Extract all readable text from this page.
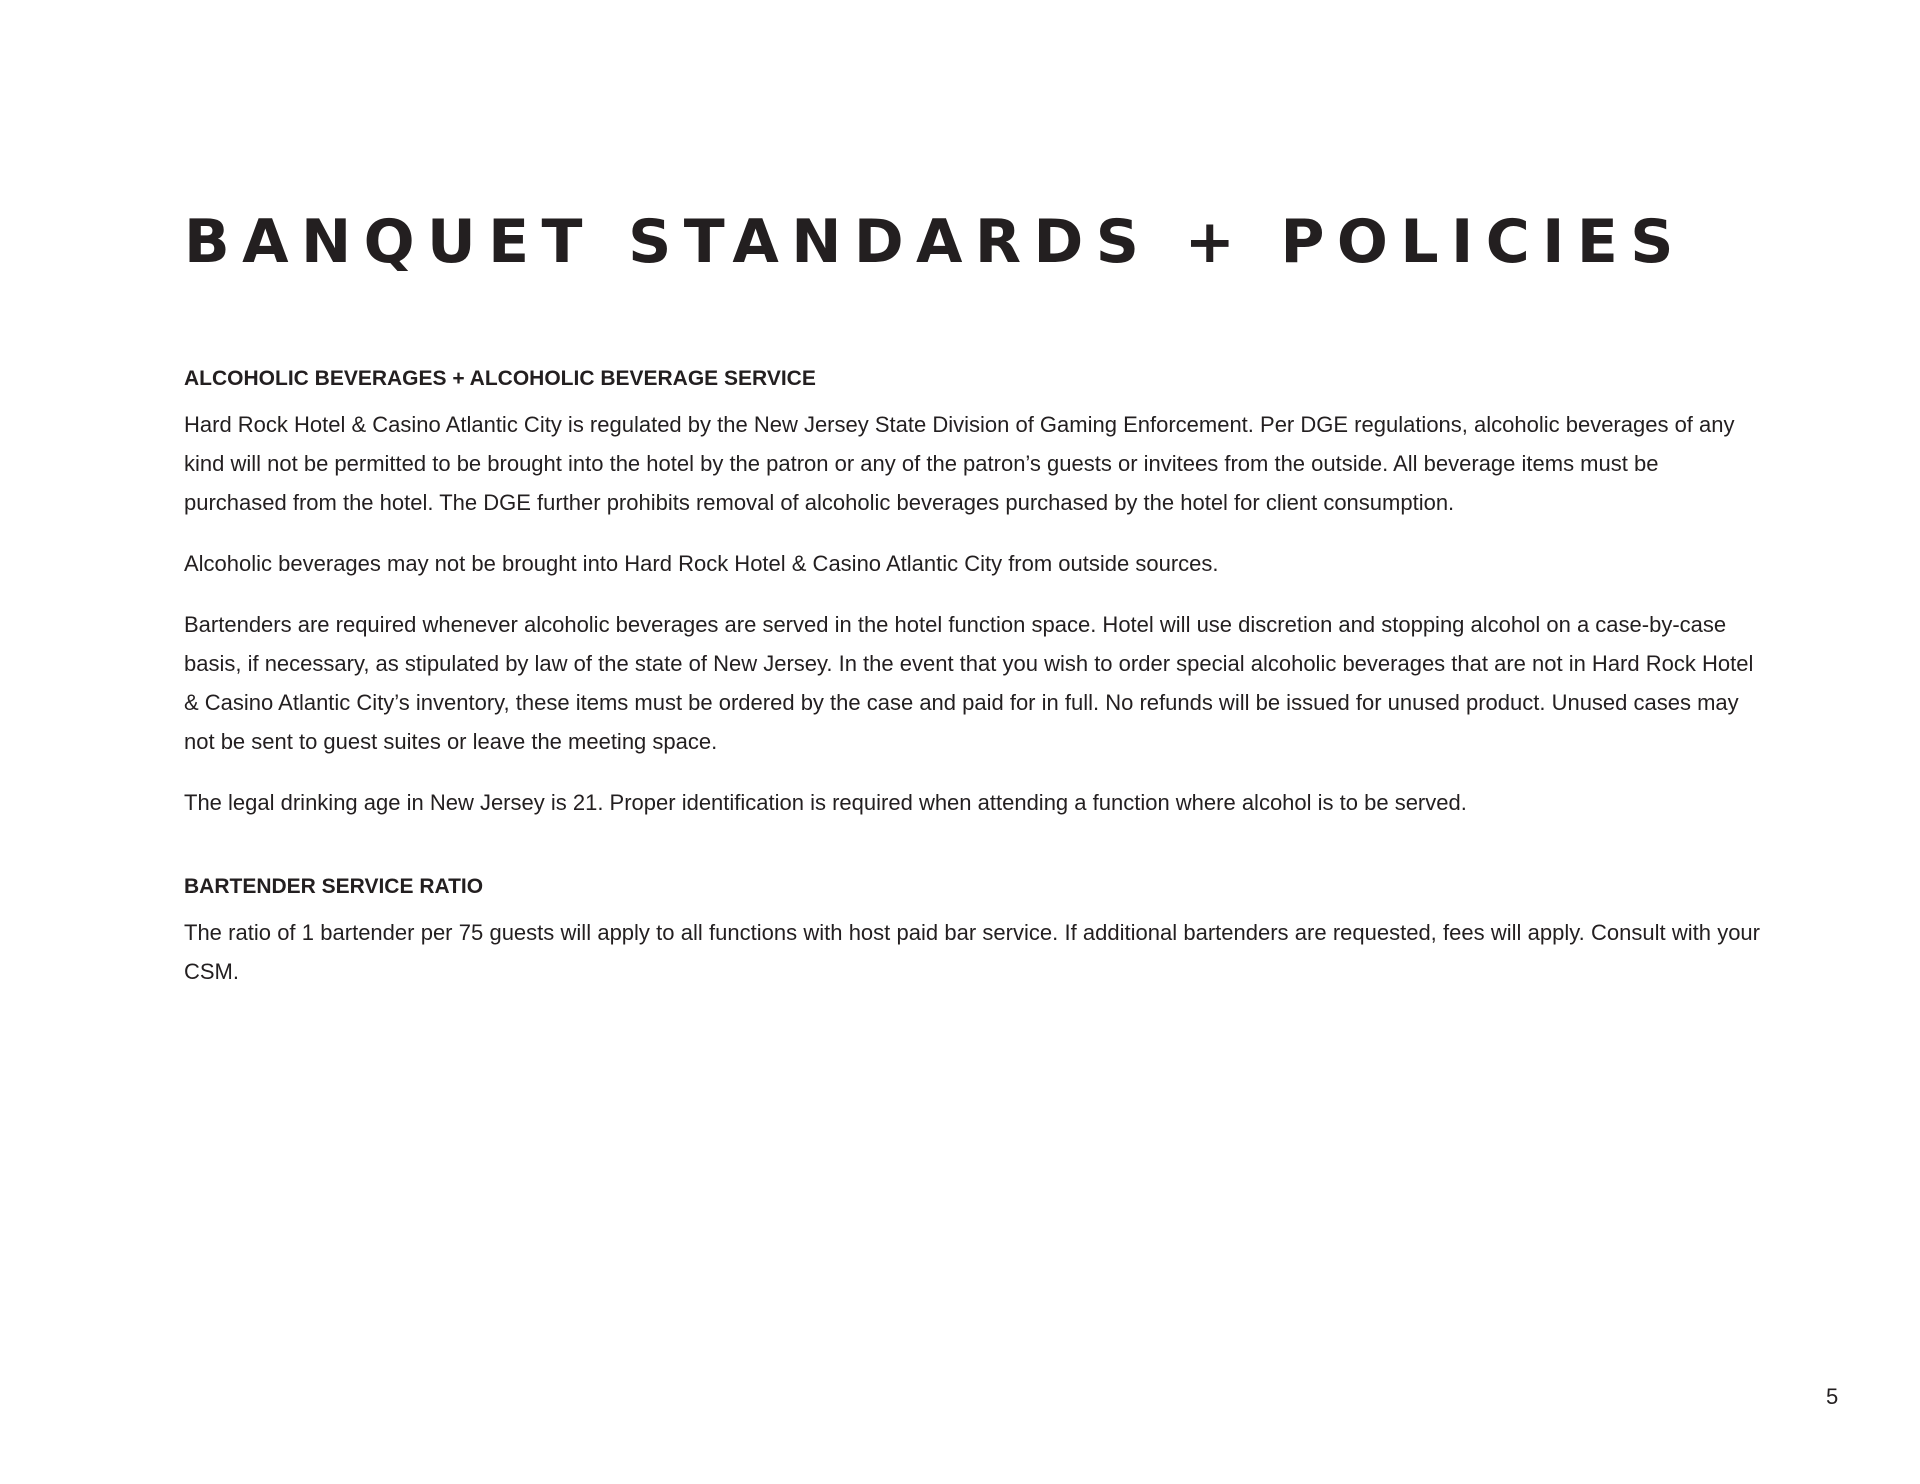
BANQUET STANDARDS + POLICIES
ALCOHOLIC BEVERAGES + ALCOHOLIC BEVERAGE SERVICE

Hard Rock Hotel & Casino Atlantic City is regulated by the New Jersey State Division of Gaming Enforcement. Per DGE regulations, alcoholic beverages of any kind will not be permitted to be brought into the hotel by the patron or any of the patron’s guests or invitees from the outside. All beverage items must be purchased from the hotel. The DGE further prohibits removal of alcoholic beverages purchased by the hotel for client consumption.

Alcoholic beverages may not be brought into Hard Rock Hotel & Casino Atlantic City from outside sources.

Bartenders are required whenever alcoholic beverages are served in the hotel function space. Hotel will use discretion and stopping alcohol on a case-by-case basis, if necessary, as stipulated by law of the state of New Jersey. In the event that you wish to order special alcoholic beverages that are not in Hard Rock Hotel & Casino Atlantic City’s inventory, these items must be ordered by the case and paid for in full. No refunds will be issued for unused product. Unused cases may not be sent to guest suites or leave the meeting space.

The legal drinking age in New Jersey is 21. Proper identification is required when attending a function where alcohol is to be served.

BARTENDER SERVICE RATIO

The ratio of 1 bartender per 75 guests will apply to all functions with host paid bar service. If additional bartenders are requested, fees will apply. Consult with your CSM.

5
